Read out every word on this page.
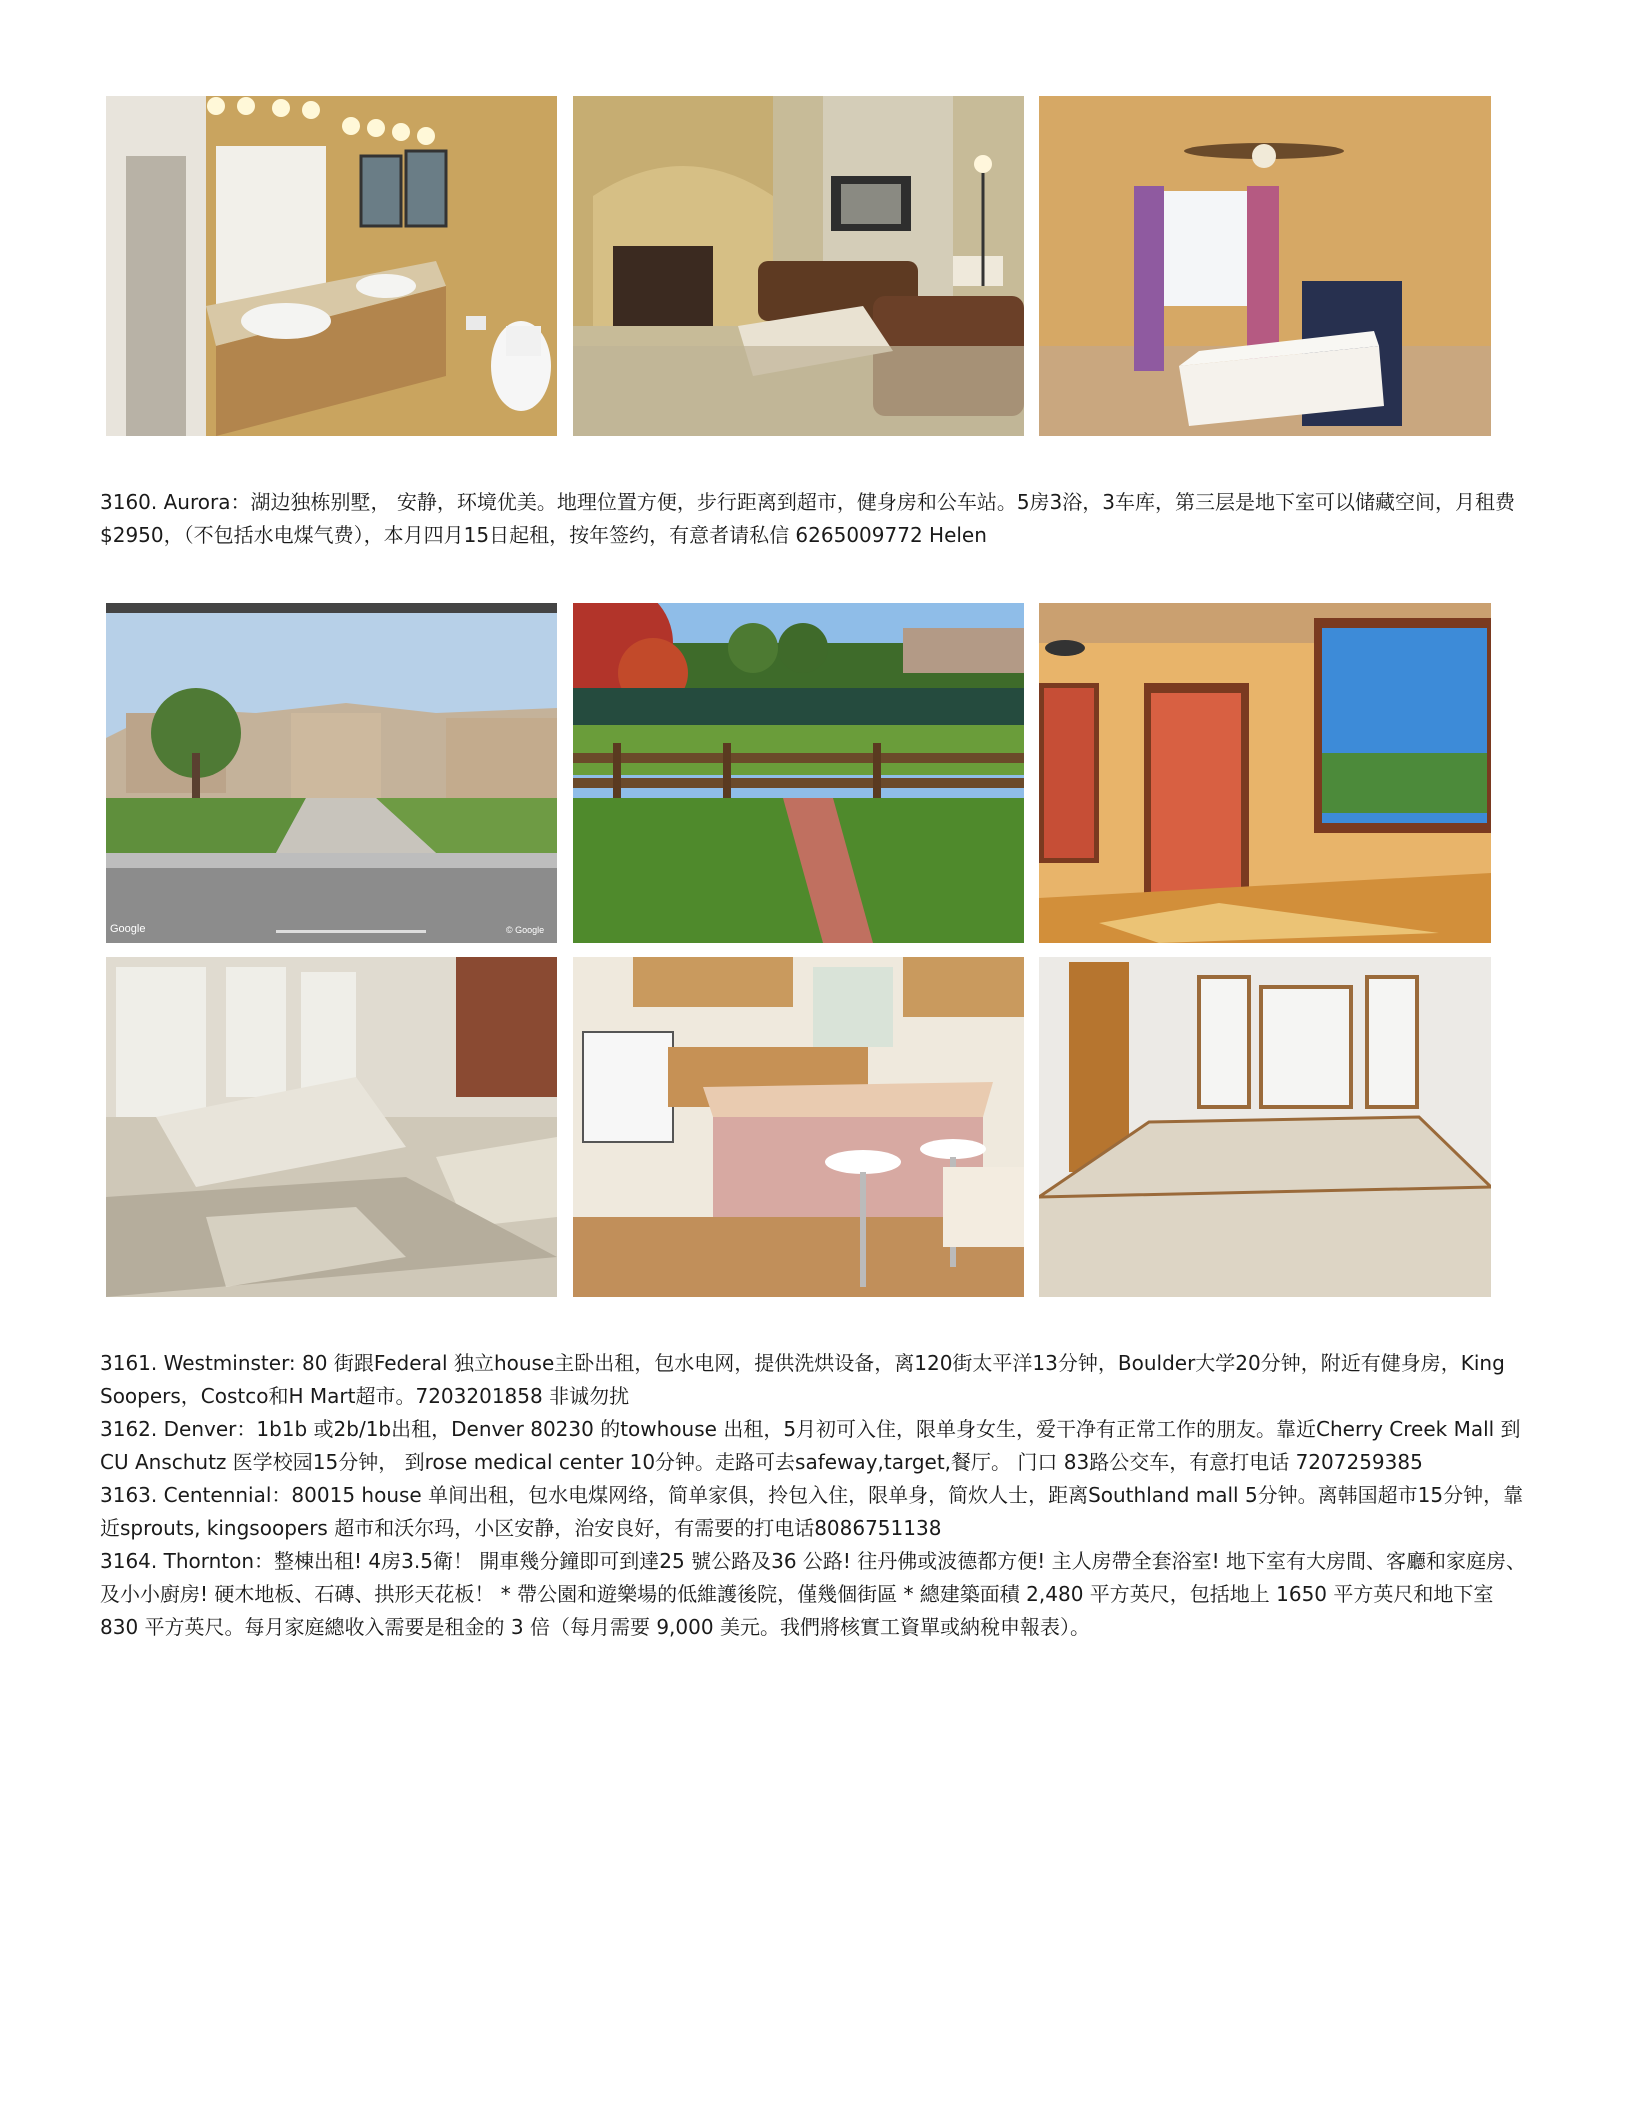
3160. Aurora：湖边独栋别墅， 安静，环境优美。地理位置方便，步行距离到超市，健身房和公车站。5房3浴，3车库，第三层是地下室可以储藏空间，月租费$2950，（不包括水电煤气费），本月四月15日起租，按年签约，有意者请私信 6265009772 Helen

Google	© Google

3161. Westminster: 80 街跟Federal 独立house主卧出租，包水电网，提供洗烘设备，离120街太平洋13分钟，Boulder大学20分钟，附近有健身房，King Soopers，Costco和H Mart超市。7203201858 非诚勿扰

3162. Denver：1b1b 或2b/1b出租，Denver 80230 的towhouse 出租，5月初可入住，限单身女生，爱干净有正常工作的朋友。靠近Cherry Creek Mall 到CU Anschutz 医学校园15分钟， 到rose medical center 10分钟。走路可去safeway,target,餐厅。 门口 83路公交车，有意打电话 7207259385

3163. Centennial：80015 house 单间出租，包水电煤网络，简单家俱，拎包入住，限单身，简炊人士，距离Southland mall 5分钟。离韩国超市15分钟，靠近sprouts, kingsoopers 超市和沃尔玛，小区安静，治安良好，有需要的打电话8086751138

3164. Thornton：整棟出租! 4房3.5衛！ 開車幾分鐘即可到達25 號公路及36 公路! 往丹佛或波德都方便! 主人房帶全套浴室! 地下室有大房間、客廳和家庭房、及小小廚房! 硬木地板、石磚、拱形天花板！ * 帶公園和遊樂場的低維護後院，僅幾個街區 * 總建築面積 2,480 平方英尺，包括地上 1650 平方英尺和地下室 830 平方英尺。每月家庭總收入需要是租金的 3 倍（每月需要 9,000 美元。我們將核實工資單或納稅申報表）。
